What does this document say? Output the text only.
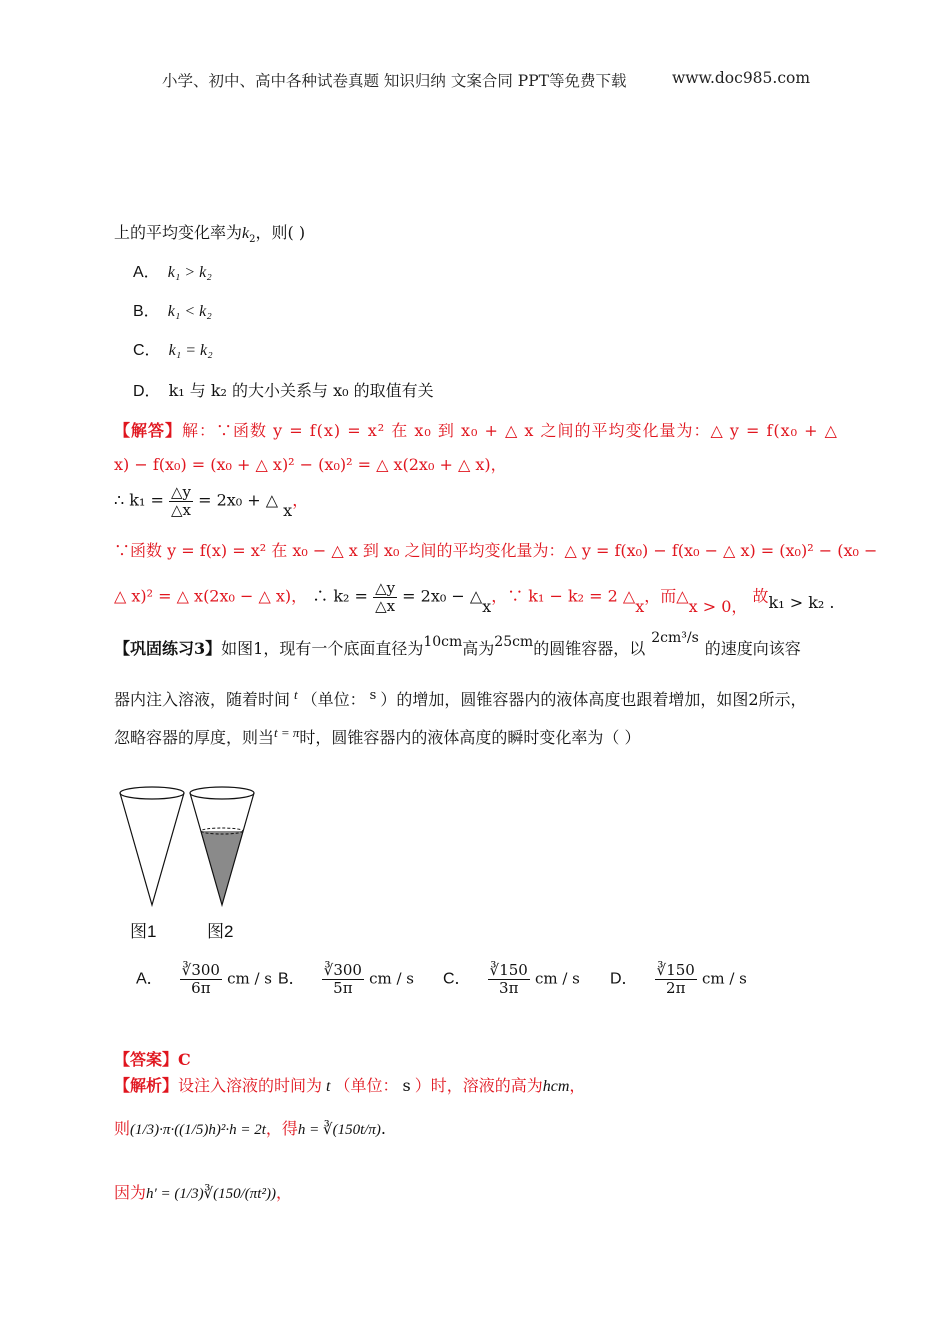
小学、初中、高中各种试卷真题 知识归纳 文案合同 PPT等免费下载	www.doc985.com
上的平均变化率为$k_2$，则( )
A． k₁ > k₂
B． k₁ < k₂
C． k₁ = k₂
D． k₁ 与 k₂ 的大小关系与 x₀ 的取值有关
【解答】解：∵函数 y = f(x) = x² 在 x₀ 到 x₀ + △ x 之间的平均变化量为：△ y = f(x₀ + △
x) − f(x₀) = (x₀ + △ x)² − (x₀)² = △ x(2x₀ + △ x)，
∴ $k_1 = \frac{\triangle y}{\triangle x} = 2x_0$ + △ x，
∵函数 y = f(x) = x² 在 x₀ − △ x 到 x₀ 之间的平均变化量为：△ y = f(x₀) − f(x₀ − △ x) = (x₀)² − (x₀ −
△ x)² = △ x(2x₀ − △ x)， ∴ $k_2 = \frac{\triangle y}{\triangle x} = 2x_0$ − △x，∵ k₁ − k₂ = 2 △x，而△x > 0， 故k₁ > k₂ .
【巩固练习3】如图1，现有一个底面直径为10cm高为25cm的圆锥容器，以2cm³/s的速度向该容
器内注入溶液，随着时间 $^t$ （单位： $^s$ ）的增加，圆锥容器内的液体高度也跟着增加，如图2所示，
忽略容器的厚度，则当$^{t = \pi}$时，圆锥容器内的液体高度的瞬时变化率为（ ）
图1	图2
A． $\frac{∛300}{6\pi}$ cm / s B． $\frac{∛300}{5\pi}$ cm / s C． $\frac{∛150}{3\pi}$ cm / s D． $\frac{∛150}{2\pi}$ cm / s
【答案】C
【解析】设注入溶液的时间为 t （单位： s ）时，溶液的高为hcm，
则(1/3)·π·((1/5)h)²·h = 2t，得h = ∛(150t/π).
因为h′ = (1/3)∛(150/(πt²))，
